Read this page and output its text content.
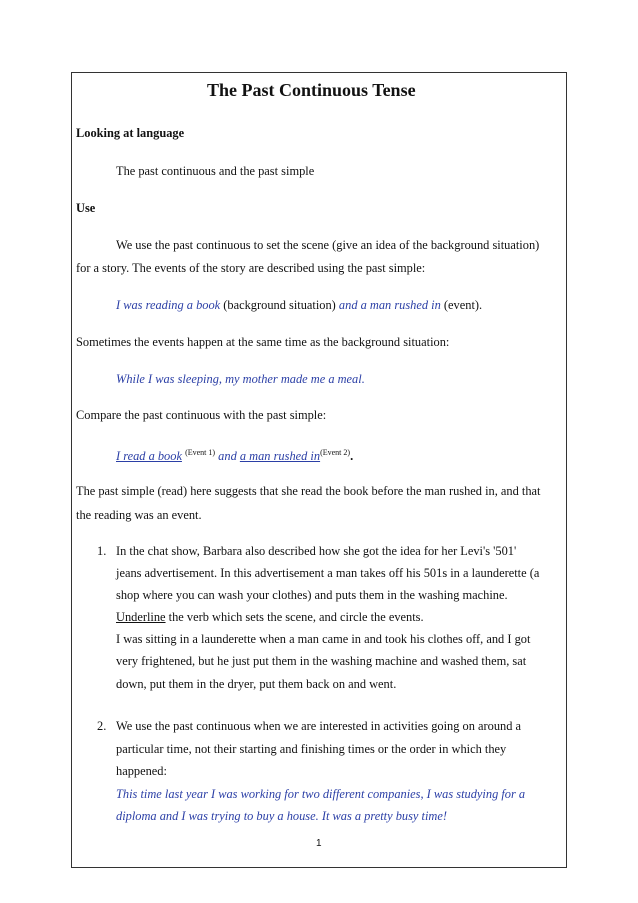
The Past Continuous Tense
Looking at language
The past continuous and the past simple
Use
We use the past continuous to set the scene (give an idea of the background situation)
for a story. The events of the story are described using the past simple:
I was reading a book (background situation) and a man rushed in (event).
Sometimes the events happen at the same time as the background situation:
While I was sleeping, my mother made me a meal.
Compare the past continuous with the past simple:
I read a book $^{(Event 1)}$ and a man rushed $in^{(Event 2)}$.
The past simple (read) here suggests that she read the book before the man rushed in, and that
the reading was an event.
1. In the chat show, Barbara also described how she got the idea for her Levi's '501'
jeans advertisement. In this advertisement a man takes off his 501s in a launderette (a
shop where you can wash your clothes) and puts them in the washing machine.
Underline the verb which sets the scene, and circle the events.
I was sitting in a launderette when a man came in and took his clothes off, and I got
very frightened, but he just put them in the washing machine and washed them, sat
down, put them in the dryer, put them back on and went.
2. We use the past continuous when we are interested in activities going on around a
particular time, not their starting and finishing times or the order in which they
happened:
This time last year I was working for two different companies, I was studying for a
diploma and I was trying to buy a house. It was a pretty busy time!
1
